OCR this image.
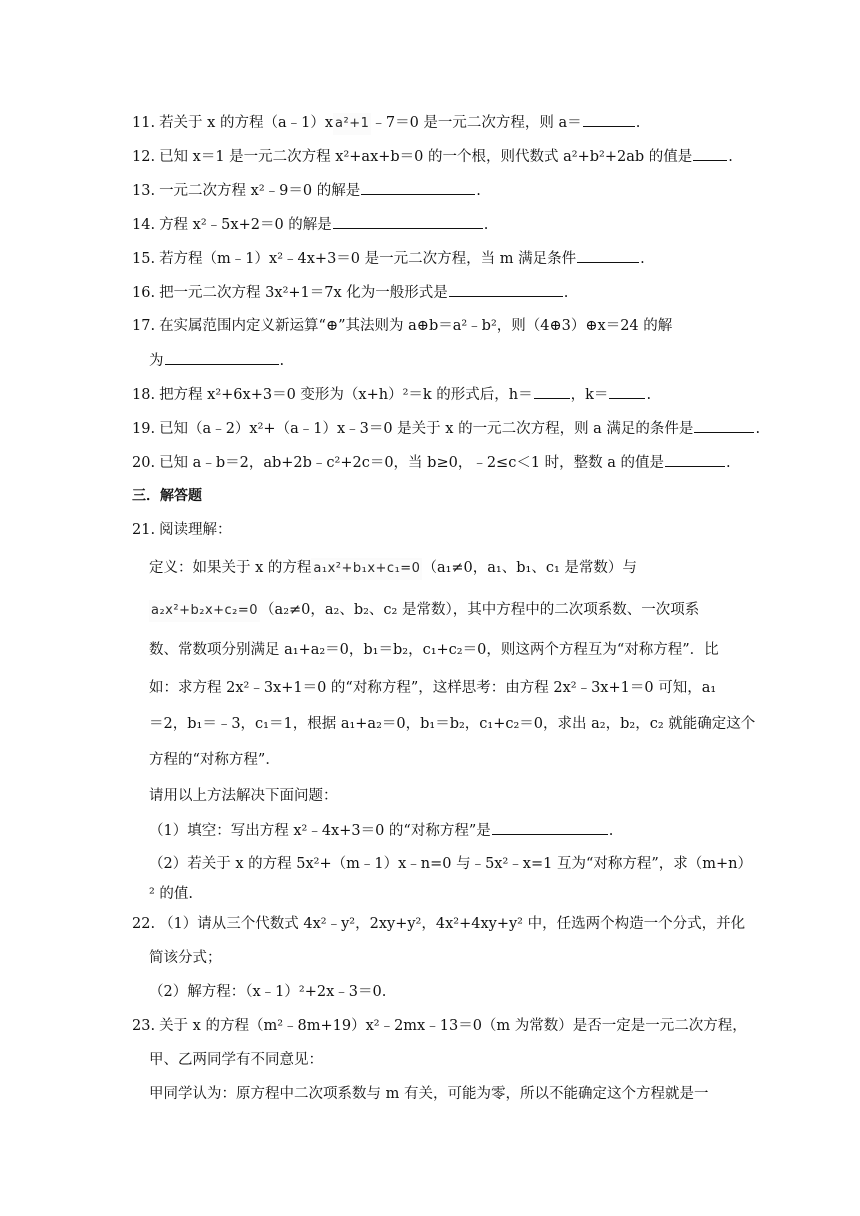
11. 若关于 x 的方程（a﹣1）x a²+1 ﹣7＝0 是一元二次方程，则 a＝	.
12. 已知 x＝1 是一元二次方程 x²+ax+b＝0 的一个根，则代数式 a²+b²+2ab 的值是 .
13. 一元二次方程 x²﹣9＝0 的解是	.
14. 方程 x²﹣5x+2＝0 的解是	.
15. 若方程（m﹣1）x²﹣4x+3＝0 是一元二次方程，当 m 满足条件	.
16. 把一元二次方程 3x²+1＝7x 化为一般形式是	.
17. 在实属范围内定义新运算“⊕”其法则为 a⊕b＝a²﹣b²，则（4⊕3）⊕x＝24 的解
为	.
18. 把方程 x²+6x+3＝0 变形为（x+h）²＝k 的形式后，h＝	，k＝	.
19. 已知（a﹣2）x²+（a﹣1）x﹣3＝0 是关于 x 的一元二次方程，则 a 满足的条件是	.
20. 已知 a﹣b＝2，ab+2b﹣c²+2c＝0，当 b≥0，﹣2≤c＜1 时，整数 a 的值是	.
三．解答题
21. 阅读理解：
定义：如果关于 x 的方程 a₁x²+b₁x+c₁=0 （a₁≠0，a₁、b₁、c₁ 是常数）与
a₂x²+b₂x+c₂=0 （a₂≠0，a₂、b₂、c₂ 是常数），其中方程中的二次项系数、一次项系
数、常数项分别满足 a₁+a₂＝0，b₁＝b₂，c₁+c₂＝0，则这两个方程互为“对称方程”．比
如：求方程 2x²﹣3x+1＝0 的“对称方程”，这样思考：由方程 2x²﹣3x+1＝0 可知，a₁
＝2，b₁＝﹣3，c₁＝1，根据 a₁+a₂＝0，b₁＝b₂，c₁+c₂＝0，求出 a₂，b₂，c₂ 就能确定这个
方程的“对称方程”．
请用以上方法解决下面问题：
（1）填空：写出方程 x²﹣4x+3＝0 的“对称方程”是	.
（2）若关于 x 的方程 5x²+（m﹣1）x﹣n=0 与﹣5x²﹣x=1 互为“对称方程”，求（m+n）
² 的值.
22. （1）请从三个代数式 4x²﹣y²，2xy+y²，4x²+4xy+y² 中，任选两个构造一个分式，并化
简该分式；
（2）解方程：（x﹣1）²+2x﹣3＝0.
23. 关于 x 的方程（m²﹣8m+19）x²﹣2mx﹣13＝0（m 为常数）是否一定是一元二次方程，
甲、乙两同学有不同意见：
甲同学认为：原方程中二次项系数与 m 有关，可能为零，所以不能确定这个方程就是一
